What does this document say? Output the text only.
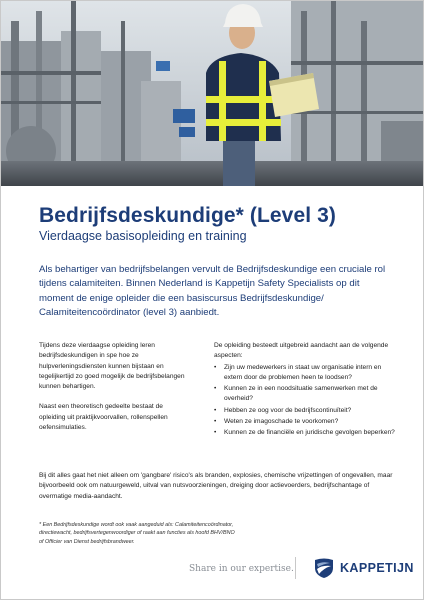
Bedrijfsdeskundige* (Level 3)
Vierdaagse basisopleiding en training

Als behartiger van bedrijfsbelangen vervult de Bedrijfsdeskundige een cruciale rol tijdens calamiteiten. Binnen Nederland is Kappetijn Safety Specialists op dit moment de enige opleider die een basiscursus Bedrijfsdeskundige/ Calamiteitencoördinator (level 3) aanbiedt.

Tijdens deze vierdaagse opleiding leren bedrijfsdeskundigen in spe hoe ze hulpverleningsdiensten kunnen bijstaan en tegelijkertijd zo goed mogelijk de bedrijfsbelangen kunnen behartigen.

Naast een theoretisch gedeelte bestaat de opleiding uit praktijkvoorvallen, rollenspellen oefensimulaties.

De opleiding besteedt uitgebreid aandacht aan de volgende aspecten:
• Zijn uw medewerkers in staat uw organisatie intern en extern door de problemen heen te loodsen?
• Kunnen ze in een noodsituatie samenwerken met de overheid?
• Hebben ze oog voor de bedrijfscontinuïteit?
• Weten ze imagoschade te voorkomen?
• Kunnen ze de financiële en juridische gevolgen beperken?

Bij dit alles gaat het niet alleen om 'gangbare' risico's als branden, explosies, chemische vrijzettingen of ongevallen, maar bijvoorbeeld ook om natuurgeweld, uitval van nutsvoorzieningen, dreiging door actievoerders, bedrijfschantage of overmatige media-aandacht.

* Een Bedrijfsdeskundige wordt ook vaak aangeduid als: Calamiteitencoördinator, directiewacht, bedrijfsvertegenwoordiger of raakt aan functies als hoofd BHV/BNO of Officier van Dienst bedrijfsbrandweer.

Share in our expertise.	KAPPETIJN
